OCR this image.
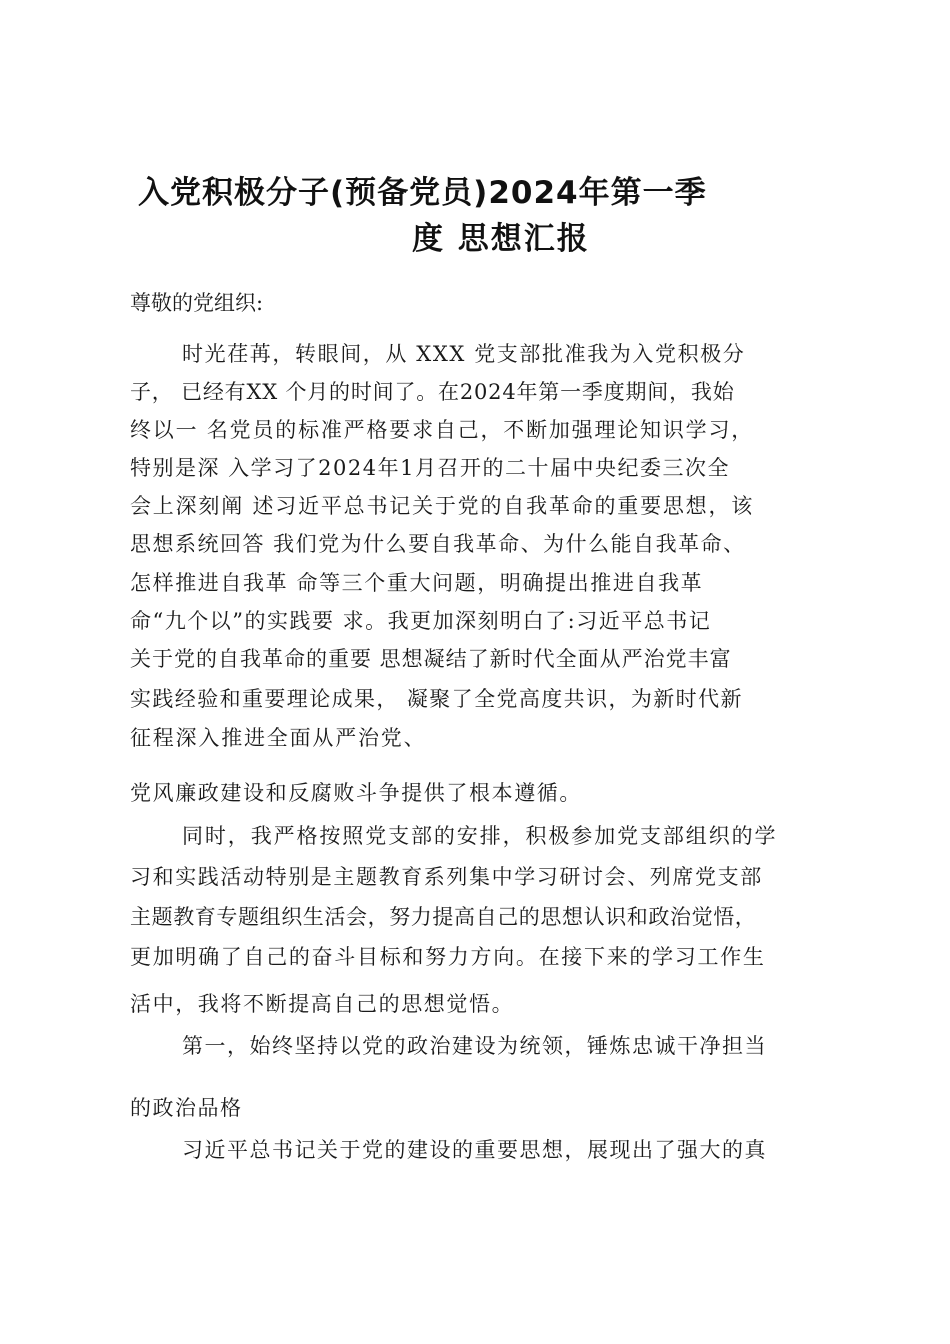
入党积极分子(预备党员)2024年第一季
度 思想汇报
尊敬的党组织:
时光荏苒，转眼间，从 XXX 党支部批准我为入党积极分
子， 已经有XX 个月的时间了。在2024年第一季度期间，我始
终以一 名党员的标准严格要求自己，不断加强理论知识学习，
特别是深 入学习了2024年1月召开的二十届中央纪委三次全
会上深刻阐 述习近平总书记关于党的自我革命的重要思想，该
思想系统回答 我们党为什么要自我革命、为什么能自我革命、
怎样推进自我革 命等三个重大问题，明确提出推进自我革
命“九个以”的实践要 求。我更加深刻明白了:习近平总书记
关于党的自我革命的重要 思想凝结了新时代全面从严治党丰富
实践经验和重要理论成果， 凝聚了全党高度共识，为新时代新
征程深入推进全面从严治党、
党风廉政建设和反腐败斗争提供了根本遵循。
同时，我严格按照党支部的安排，积极参加党支部组织的学
习和实践活动特别是主题教育系列集中学习研讨会、列席党支部
主题教育专题组织生活会，努力提高自己的思想认识和政治觉悟，
更加明确了自己的奋斗目标和努力方向。在接下来的学习工作生
活中，我将不断提高自己的思想觉悟。
第一，始终坚持以党的政治建设为统领，锤炼忠诚干净担当
的政治品格
习近平总书记关于党的建设的重要思想，展现出了强大的真
